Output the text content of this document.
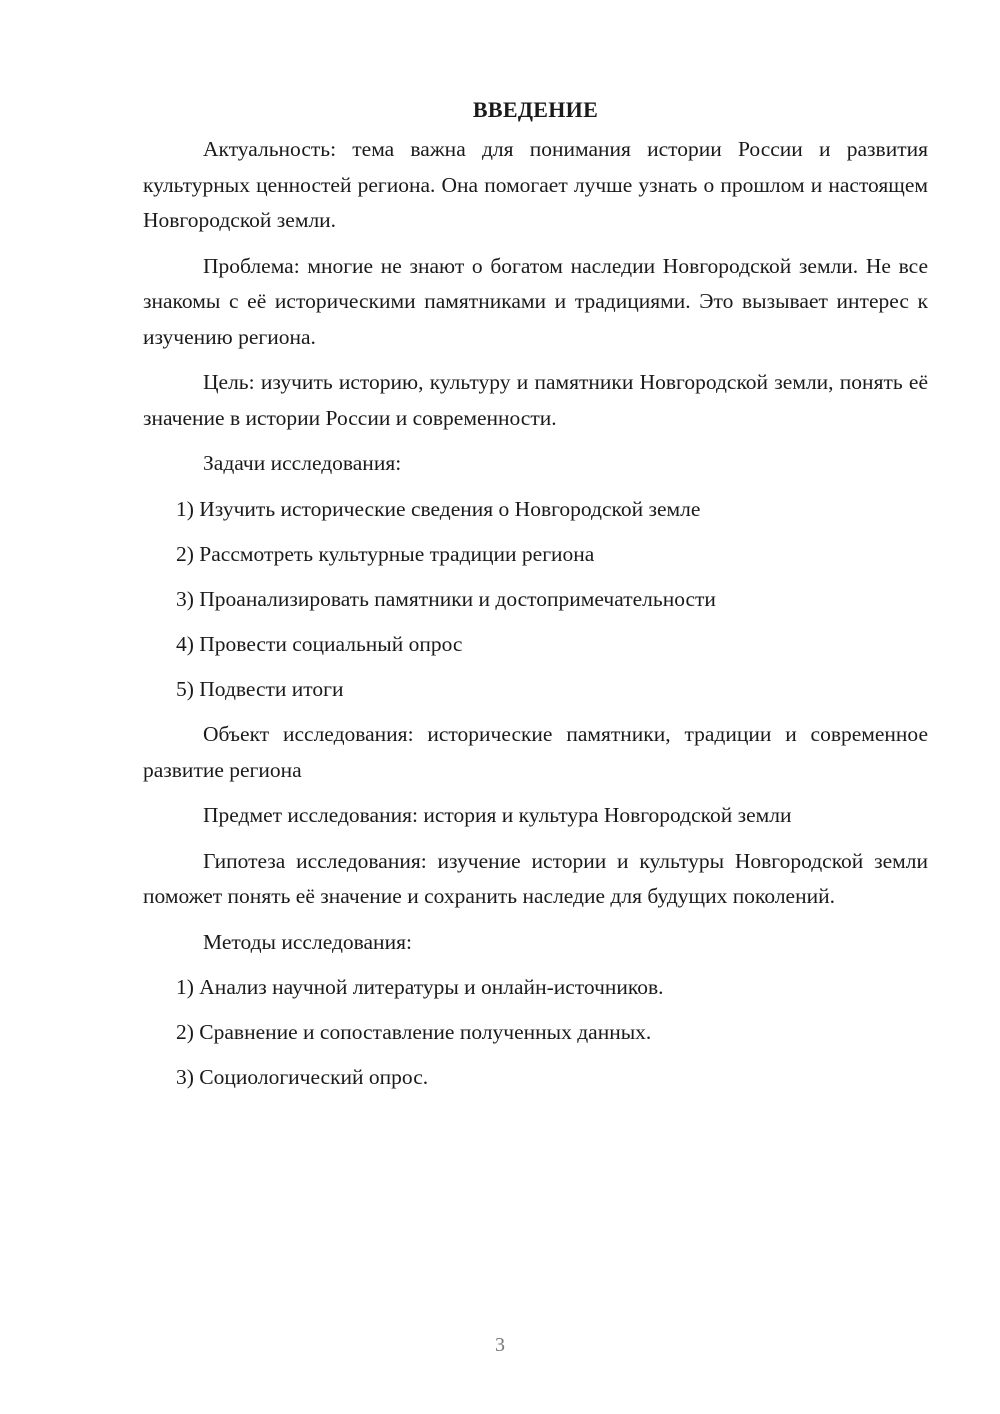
ВВЕДЕНИЕ

Актуальность: тема важна для понимания истории России и развития культурных ценностей региона. Она помогает лучше узнать о прошлом и настоящем Новгородской земли.

Проблема: многие не знают о богатом наследии Новгородской земли. Не все знакомы с её историческими памятниками и традициями. Это вызывает интерес к изучению региона.

Цель: изучить историю, культуру и памятники Новгородской земли, понять её значение в истории России и современности.

Задачи исследования:

1) Изучить исторические сведения о Новгородской земле
2) Рассмотреть культурные традиции региона
3) Проанализировать памятники и достопримечательности
4) Провести социальный опрос
5) Подвести итоги

Объект исследования: исторические памятники, традиции и современное развитие региона

Предмет исследования: история и культура Новгородской земли

Гипотеза исследования: изучение истории и культуры Новгородской земли поможет понять её значение и сохранить наследие для будущих поколений.

Методы исследования:

1) Анализ научной литературы и онлайн-источников.
2) Сравнение и сопоставление полученных данных.
3) Социологический опрос.
3
